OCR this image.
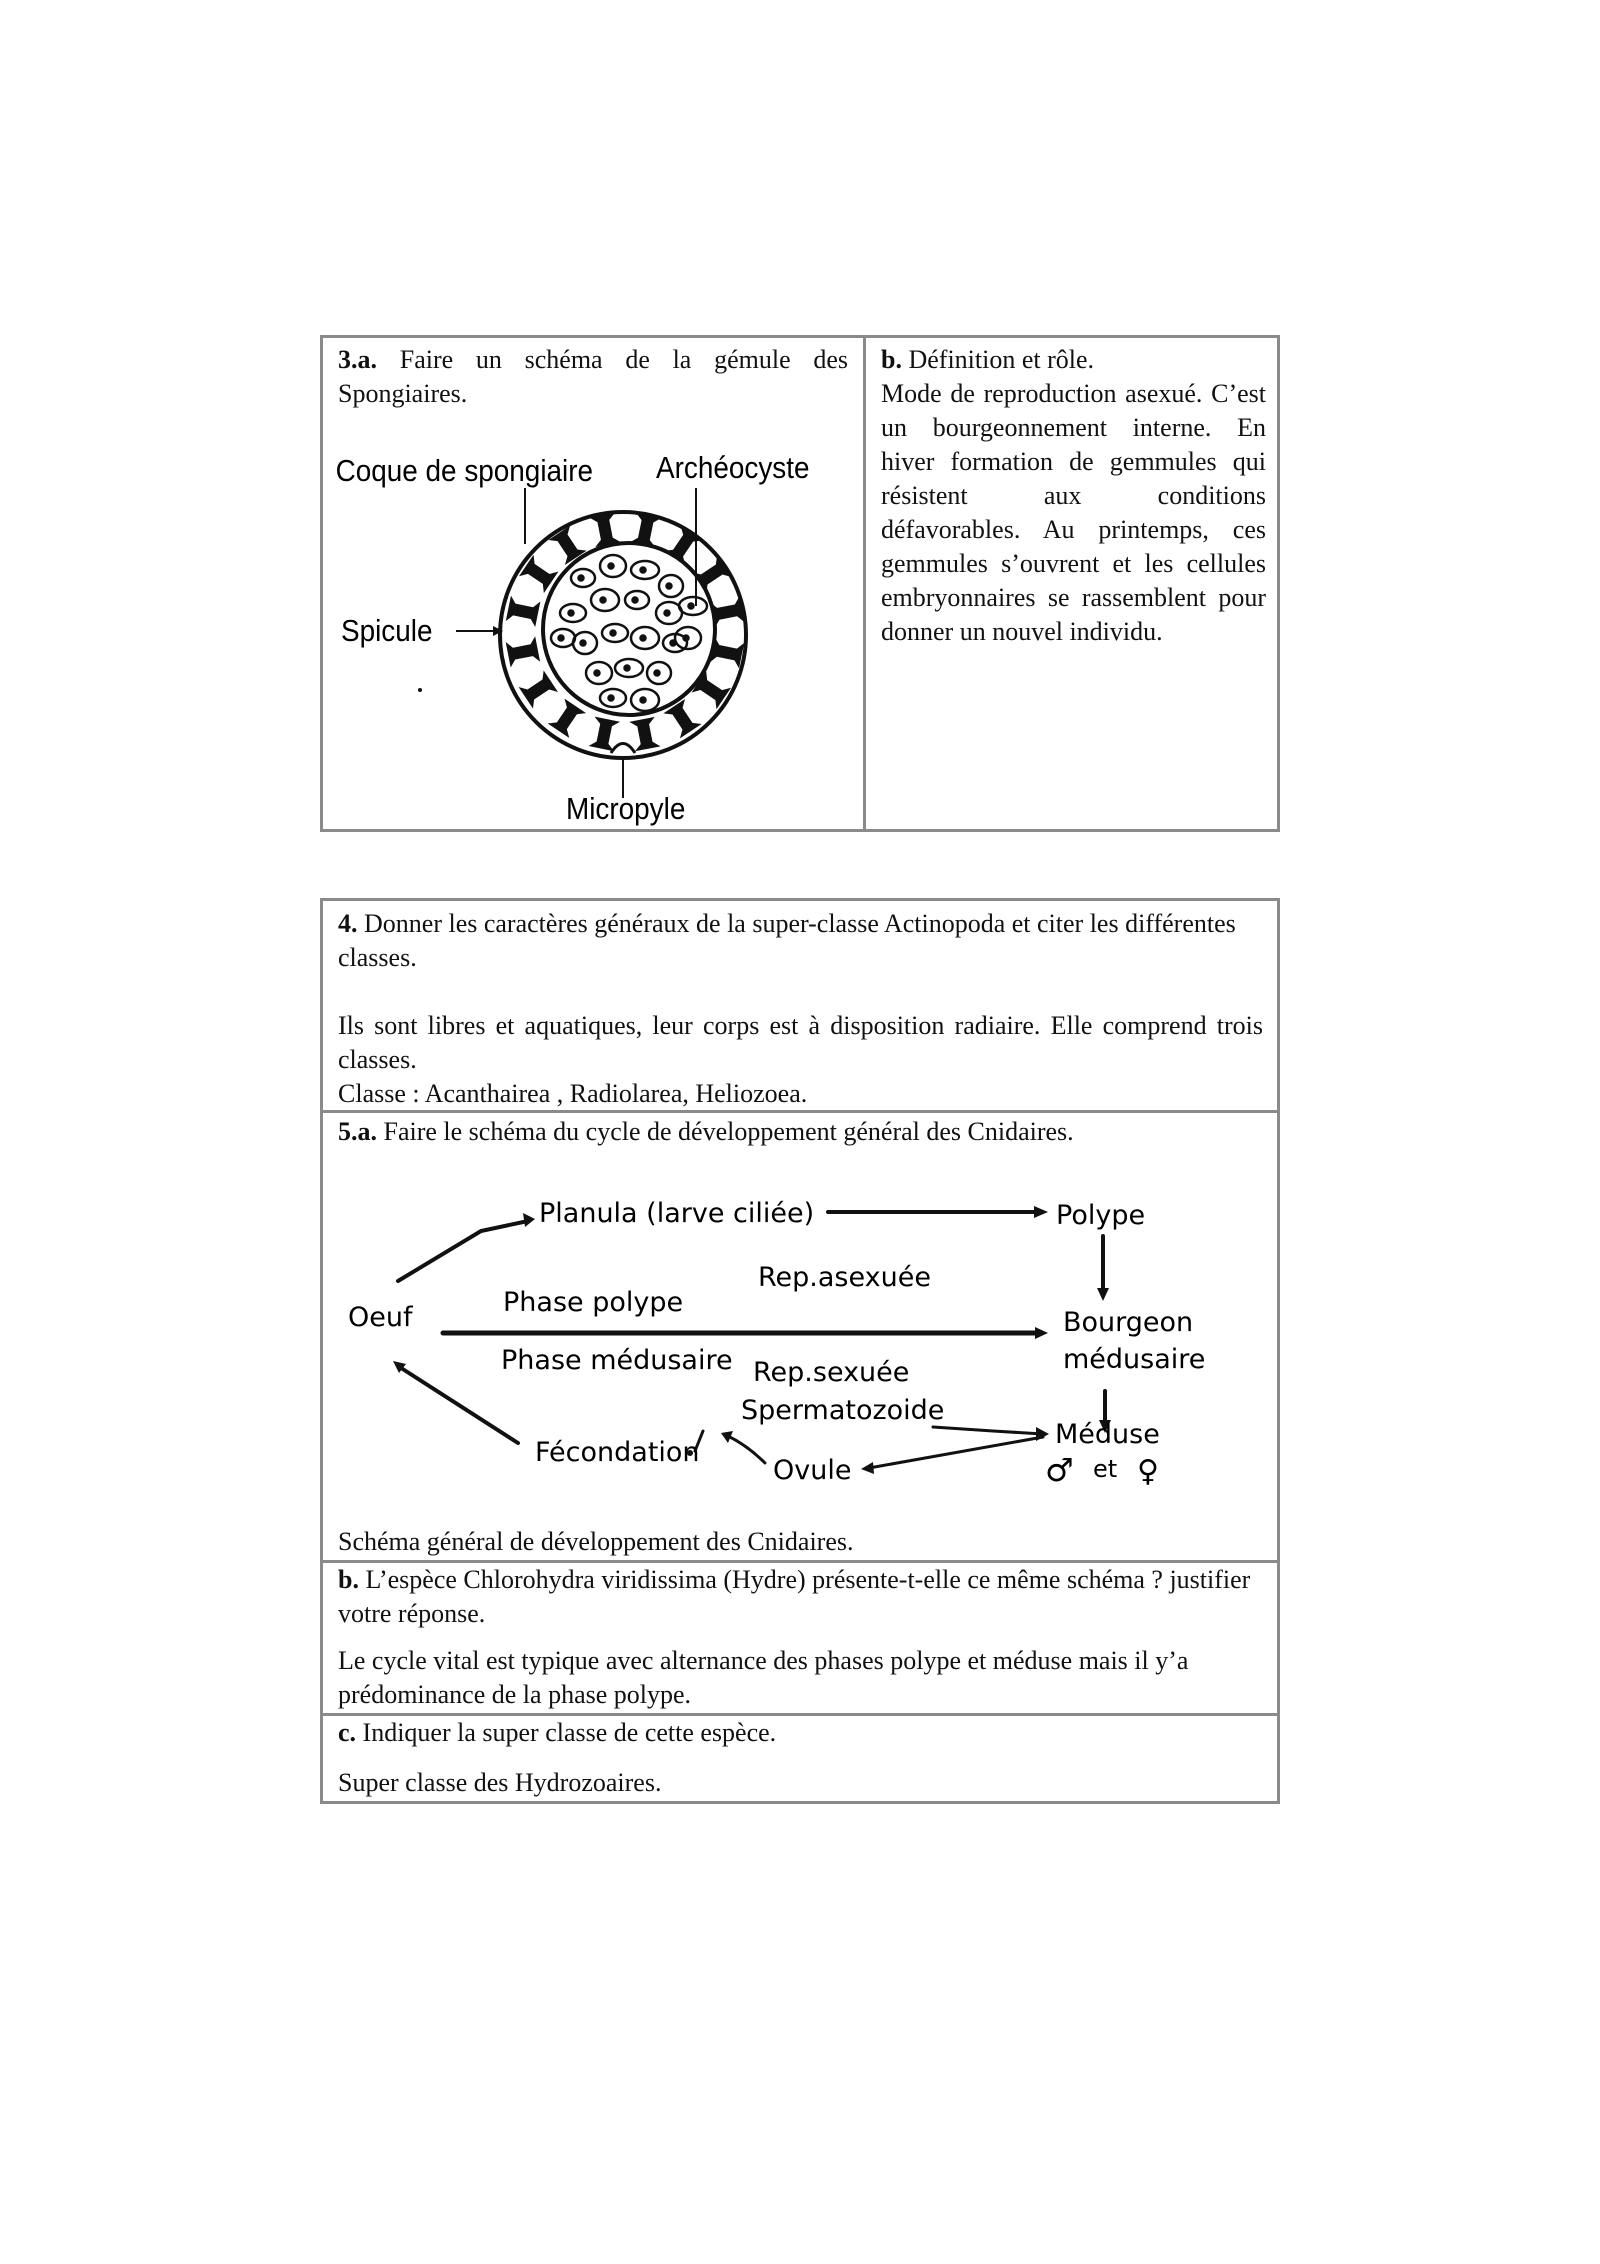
3.a. Faire un schéma de la gémule des Spongiaires.
Coque de spongiaire Archéocyste
Spicule
Micropyle
b. Définition et rôle.
Mode de reproduction asexué. C’est un bourgeonnement interne. En hiver formation de gemmules qui résistent aux conditions défavorables. Au printemps, ces gemmules s’ouvrent et les cellules embryonnaires se rassemblent pour donner un nouvel individu.
4. Donner les caractères généraux de la super-classe Actinopoda et citer les différentes classes.
Ils sont libres et aquatiques, leur corps est à disposition radiaire. Elle comprend trois classes.
Classe : Acanthairea , Radiolarea, Heliozoea.
5.a. Faire le schéma du cycle de développement général des Cnidaires.
Planula (larve ciliée)	Polype
Oeuf
Rep.asexuée
Phase polype
Bourgeon
médusaire
Phase médusaire Rep.sexuée
Spermatozoide
Méduse
♂ et ♀
Fécondation
Ovule
Schéma général de développement des Cnidaires.
b. L’espèce Chlorohydra viridissima (Hydre) présente-t-elle ce même schéma ? justifier votre réponse.
Le cycle vital est typique avec alternance des phases polype et méduse mais il y’a prédominance de la phase polype.
c. Indiquer la super classe de cette espèce.
Super classe des Hydrozoaires.
